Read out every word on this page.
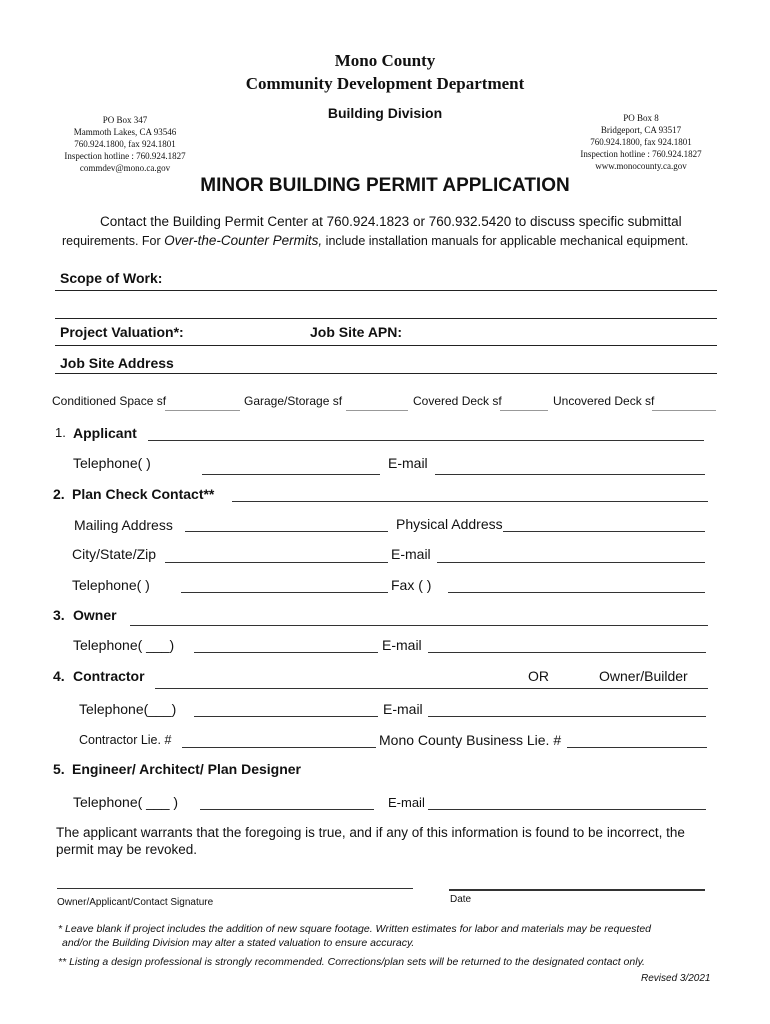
Mono County
Community Development Department
Building Division
PO Box 347
Mammoth Lakes, CA 93546
760.924.1800, fax 924.1801
Inspection hotline : 760.924.1827
commdev@mono.ca.gov
PO Box 8
Bridgeport, CA 93517
760.924.1800, fax 924.1801
Inspection hotline : 760.924.1827
www.monocounty.ca.gov
MINOR BUILDING PERMIT APPLICATION
Contact the Building Permit Center at 760.924.1823 or 760.932.5420 to discuss specific submittal
requirements. For Over-the-Counter Permits, include installation manuals for applicable mechanical equipment.
Scope of Work:
Project Valuation*:	Job Site APN:
Job Site Address
Conditioned Space sf	Garage/Storage sf	Covered Deck sf	Uncovered Deck sf
1. Applicant
Telephone( )	E-mail
2. Plan Check Contact**
Mailing Address	Physical Address
City/State/Zip	E-mail
Telephone( )	Fax ( )
3. Owner
Telephone( ___)	E-mail
4. Contractor	OR	Owner/Builder
Telephone(___)	E-mail
Contractor Lie. #	Mono County Business Lie. #
5. Engineer/ Architect/ Plan Designer
Telephone( ___ )	E-mail
The applicant warrants that the foregoing is true, and if any of this information is found to be incorrect, the
permit may be revoked.
Owner/Applicant/Contact Signature	Date
* Leave blank if project includes the addition of new square footage. Written estimates for labor and materials may be requested
and/or the Building Division may alter a stated valuation to ensure accuracy.
** Listing a design professional is strongly recommended. Corrections/plan sets will be returned to the designated contact only.
Revised 3/2021
